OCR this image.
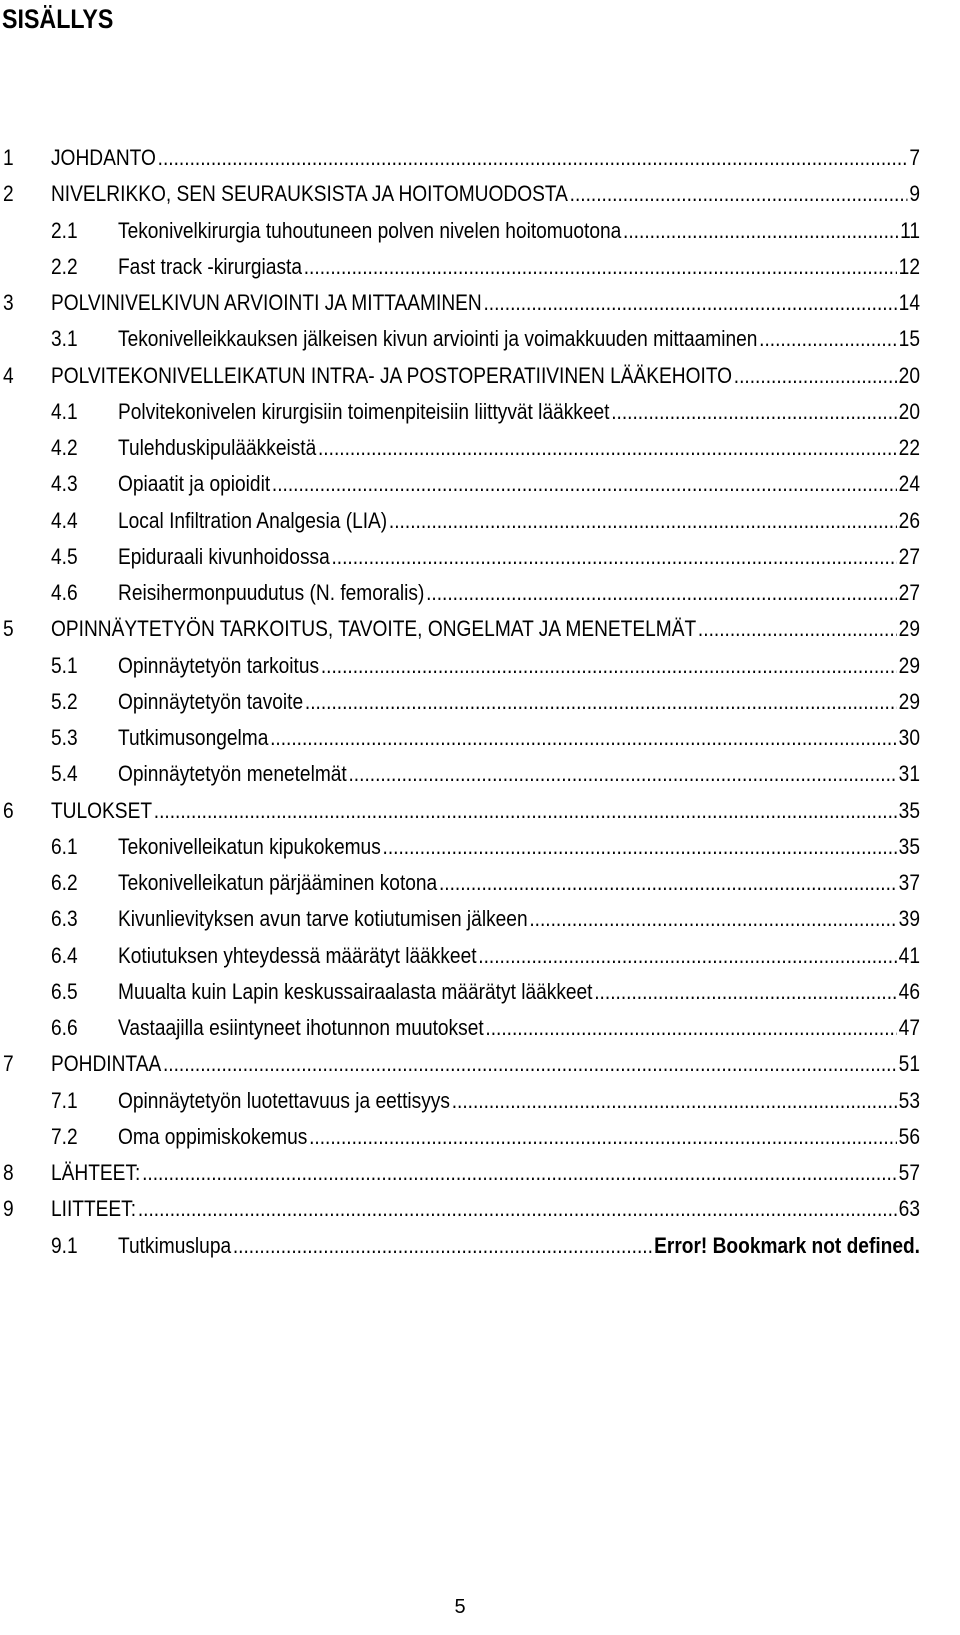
SISÄLLYS
1 JOHDANTO .....	7
2 NIVELRIKKO, SEN SEURAUKSISTA JA HOITOMUODOSTA .....	9
2.1 Tekonivelkirurgia tuhoutuneen polven nivelen hoitomuotona .....	11
2.2 Fast track -kirurgiasta .....	12
3 POLVINIVELKIVUN ARVIOINTI JA MITTAAMINEN .....	14
3.1 Tekonivelleikkauksen jälkeisen kivun arviointi ja voimakkuuden mittaaminen .....	15
4 POLVITEKONIVELLEIKATUN INTRA- JA POSTOPERATIIVINEN LÄÄKEHOITO .....	20
4.1 Polvitekonivelen kirurgisiin toimenpiteisiin liittyvät lääkkeet .....	20
4.2 Tulehduskipulääkkeistä .....	22
4.3 Opiaatit ja opioidit .....	24
4.4 Local Infiltration Analgesia (LIA) .....	26
4.5 Epiduraali kivunhoidossa .....	27
4.6 Reisihermonpuudutus (N. femoralis) .....	27
5 OPINNÄYTETYÖN TARKOITUS, TAVOITE, ONGELMAT JA MENETELMÄT .....	29
5.1 Opinnäytetyön tarkoitus .....	29
5.2 Opinnäytetyön tavoite .....	29
5.3 Tutkimusongelma .....	30
5.4 Opinnäytetyön menetelmät .....	31
6 TULOKSET .....	35
6.1 Tekonivelleikatun kipukokemus .....	35
6.2 Tekonivelleikatun pärjääminen kotona .....	37
6.3 Kivunlievityksen avun tarve kotiutumisen jälkeen .....	39
6.4 Kotiutuksen yhteydessä määrätyt lääkkeet .....	41
6.5 Muualta kuin Lapin keskussairaalasta määrätyt lääkkeet .....	46
6.6 Vastaajilla esiintyneet ihotunnon muutokset .....	47
7 POHDINTAA .....	51
7.1 Opinnäytetyön luotettavuus ja eettisyys .....	53
7.2 Oma oppimiskokemus .....	56
8 LÄHTEET: .....	57
9 LIITTEET: .....	63
9.1 Tutkimuslupa .....	Error! Bookmark not defined.
5
